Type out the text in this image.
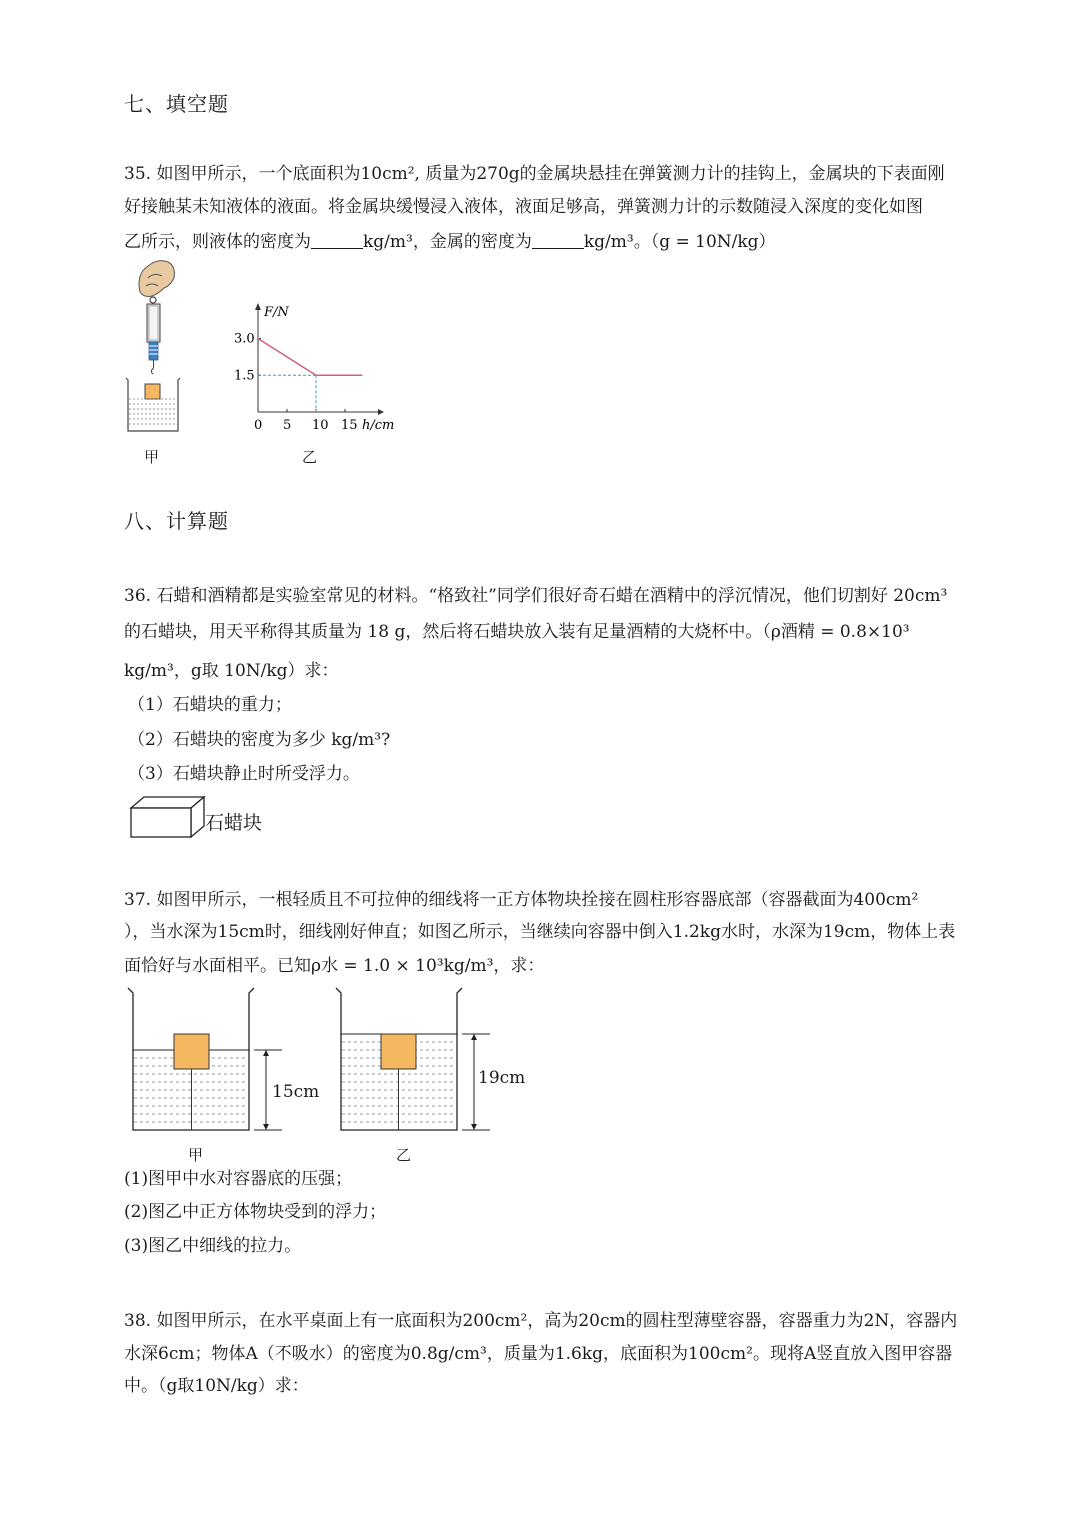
七、填空题
35. 如图甲所示，一个底面积为10cm², 质量为270g的金属块悬挂在弹簧测力计的挂钩上，金属块的下表面刚
好接触某未知液体的液面。将金属块缓慢浸入液体，液面足够高，弹簧测力计的示数随浸入深度的变化如图
乙所示，则液体的密度为	kg/m³，金属的密度为	kg/m³。（g = 10N/kg）
甲
F/N
h/cm
0 5 10 15
3.0
1.5
乙
八、计算题
36. 石蜡和酒精都是实验室常见的材料。“格致社”同学们很好奇石蜡在酒精中的浮沉情况，他们切割好 20cm³
的石蜡块，用天平称得其质量为 18 g，然后将石蜡块放入装有足量酒精的大烧杯中。（ρ酒精 = 0.8×10³
kg/m³，g取 10N/kg）求：
（1）石蜡块的重力；
（2）石蜡块的密度为多少 kg/m³?
（3）石蜡块静止时所受浮力。
石蜡块
37. 如图甲所示，一根轻质且不可拉伸的细线将一正方体物块拴接在圆柱形容器底部（容器截面为400cm²
），当水深为15cm时，细线刚好伸直；如图乙所示，当继续向容器中倒入1.2kg水时，水深为19cm，物体上表
面恰好与水面相平。已知ρ水 = 1.0 × 10³kg/m³，求：
15cm
甲
19cm
乙
(1)图甲中水对容器底的压强；
(2)图乙中正方体物块受到的浮力；
(3)图乙中细线的拉力。
38. 如图甲所示，在水平桌面上有一底面积为200cm²，高为20cm的圆柱型薄壁容器，容器重力为2N，容器内
水深6cm；物体A（不吸水）的密度为0.8g/cm³，质量为1.6kg，底面积为100cm²。现将A竖直放入图甲容器
中。（g取10N/kg）求：
